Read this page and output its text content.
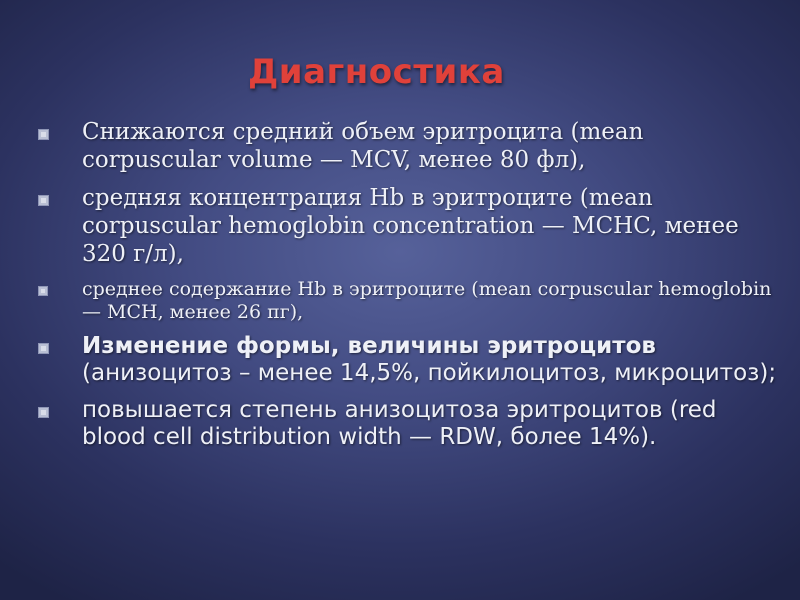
Диагностика
Снижаются средний объем эритроцита (mean corpuscular volume — MCV, менее 80 фл),
средняя концентрация Hb в эритроците (mean corpuscular hemoglobin concentration — MCHC, менее 320 г/л),
среднее содержание Hb в эритроците (mean corpuscular hemoglobin — MCH, менее 26 пг),
Изменение формы, величины эритроцитов (анизоцитоз – менее 14,5%, пойкилоцитоз, микроцитоз);
повышается степень анизоцитоза эритроцитов (red blood cell distribution width — RDW, более 14%).
